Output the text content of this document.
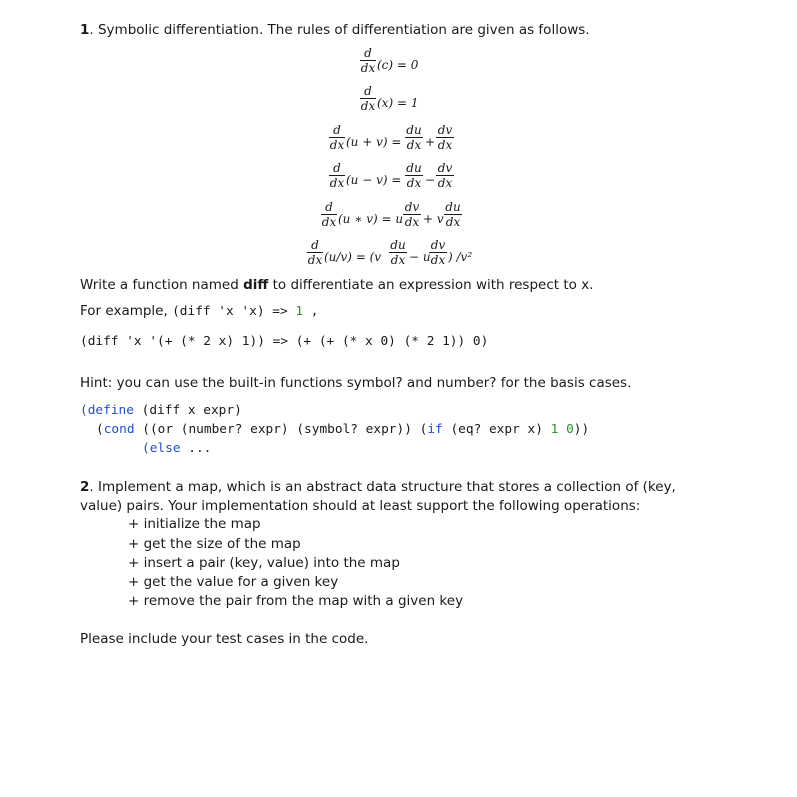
1. Symbolic differentiation. The rules of differentiation are given as follows.
d
dx (c) = 0
d
dx (x) = 1
d
dx (u + v) =
du
dx +
dv
dx
d
dx (u − v) =
du
dx −
dv
dx
d
dx (u ∗ v) = u
dv
dx + v
du
dx
d
dx (u/v) = (v
du
dx − u
dv
dx ) /v²
Write a function named diff to differentiate an expression with respect to x.
For example, (diff 'x 'x) => 1 ,
(diff 'x '(+ (* 2 x) 1)) => (+ (+ (* x 0) (* 2 1)) 0)
Hint: you can use the built-in functions symbol? and number? for the basis cases.
(define (diff x expr)
(cond ((or (number? expr) (symbol? expr)) (if (eq? expr x) 1 0))
(else ...
2. Implement a map, which is an abstract data structure that stores a collection of (key,
value) pairs. Your implementation should at least support the following operations:
+ initialize the map
+ get the size of the map
+ insert a pair (key, value) into the map
+ get the value for a given key
+ remove the pair from the map with a given key
Please include your test cases in the code.
